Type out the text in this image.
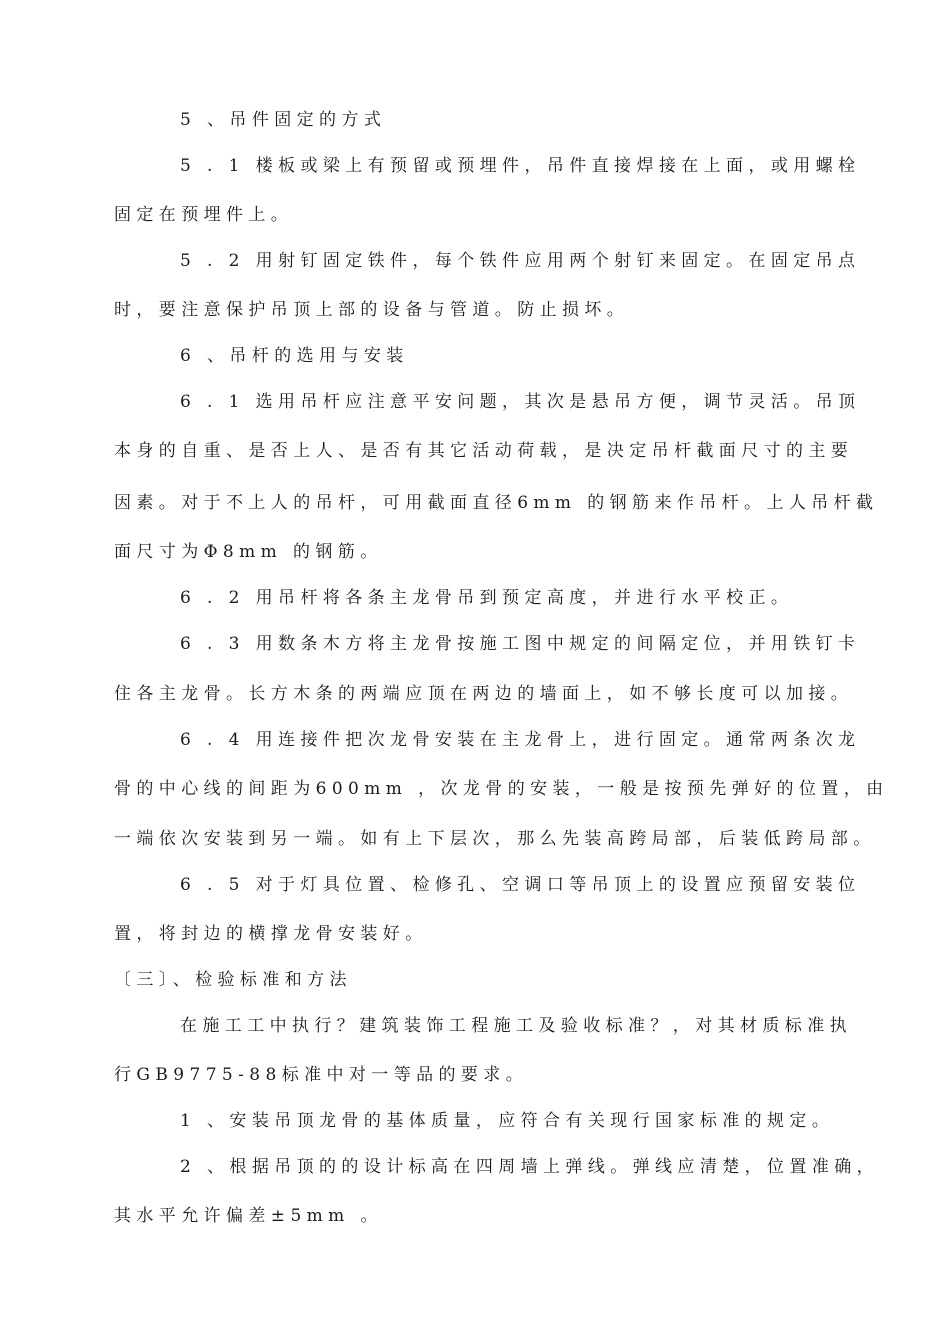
5 、吊件固定的方式
5 . 1 楼板或梁上有预留或预埋件，吊件直接焊接在上面，或用螺栓
固定在预埋件上。
5 . 2 用射钉固定铁件，每个铁件应用两个射钉来固定。在固定吊点
时，要注意保护吊顶上部的设备与管道。防止损坏。
6 、吊杆的选用与安装
6 . 1 选用吊杆应注意平安问题，其次是悬吊方便，调节灵活。吊顶
本身的自重、是否上人、是否有其它活动荷载，是决定吊杆截面尺寸的主要
因素。对于不上人的吊杆，可用截面直径6mm 的钢筋来作吊杆。上人吊杆截
面尺寸为Φ8mm 的钢筋。
6 . 2 用吊杆将各条主龙骨吊到预定高度，并进行水平校正。
6 . 3 用数条木方将主龙骨按施工图中规定的间隔定位，并用铁钉卡
住各主龙骨。长方木条的两端应顶在两边的墙面上，如不够长度可以加接。
6 . 4 用连接件把次龙骨安装在主龙骨上，进行固定。通常两条次龙
骨的中心线的间距为600mm ，次龙骨的安装，一般是按预先弹好的位置，由
一端依次安装到另一端。如有上下层次，那么先装高跨局部，后装低跨局部。
6 . 5 对于灯具位置、检修孔、空调口等吊顶上的设置应预留安装位
置，将封边的横撑龙骨安装好。
〔三〕、检验标准和方法
在施工工中执行？建筑装饰工程施工及验收标准？，对其材质标准执
行GB9775-88标准中对一等品的要求。
1 、安装吊顶龙骨的基体质量，应符合有关现行国家标准的规定。
2 、根据吊顶的的设计标高在四周墙上弹线。弹线应清楚，位置准确，
其水平允许偏差±5mm 。
